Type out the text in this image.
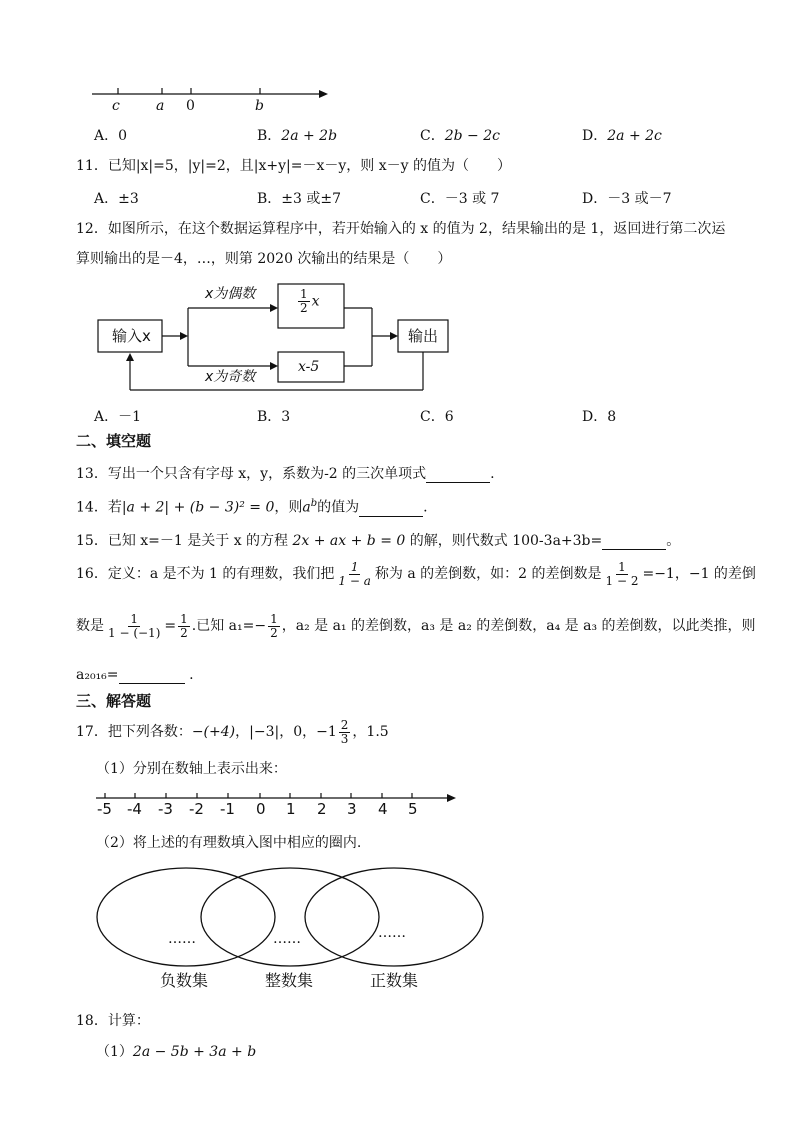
c	a 0	b
A．0	B．2a + 2b	C．2b − 2c	D．2a + 2c
11．已知|x|=5，|y|=2，且|x+y|=－x－y，则 x－y 的值为（　　）
A．±3	B．±3 或±7	C．－3 或 7	D．－3 或－7
12．如图所示，在这个数据运算程序中，若开始输入的 x 的值为 2，结果输出的是 1，返回进行第二次运
算则输出的是－4，…，则第 2020 次输出的结果是（　　）
输入x
x为偶数
x为奇数
$\frac{1}{2}$ x
x-5
输出
A．－1	B．3	C．6	D．8
二、填空题
13．写出一个只含有字母 x，y，系数为-2 的三次单项式	.
14．若|a + 2| + (b − 3)² = 0，则$a^b$的值为	.
15．已知 x=－1 是关于 x 的方程 2x + ax + b = 0 的解，则代数式 100-3a+3b=	。
16．定义：a 是不为 1 的有理数，我们把 $\frac{1}{1 - a}$ 称为 a 的差倒数，如：2 的差倒数是 $\frac{1}{1 - 2} =-1$，−1 的差倒
数是 $\frac{1}{1 - (-1)} = \frac{1}{2}$ .已知 $a_1=- \frac{1}{2}$ ，a₂ 是 a₁ 的差倒数，a₃ 是 a₂ 的差倒数，a₄ 是 a₃ 的差倒数，以此类推，则
a₂₀₁₆= 	.
三、解答题
17．把下列各数：−(+4)，|−3|，0，$-1 \frac{2}{3}$ ，1.5
（1）分别在数轴上表示出来：
-5 -4 -3 -2 -1 0 1 2 3 4 5
（2）将上述的有理数填入图中相应的圈内.
……	……	……
负数集	整数集	正数集
18．计算：
（1）2a − 5b + 3a + b
